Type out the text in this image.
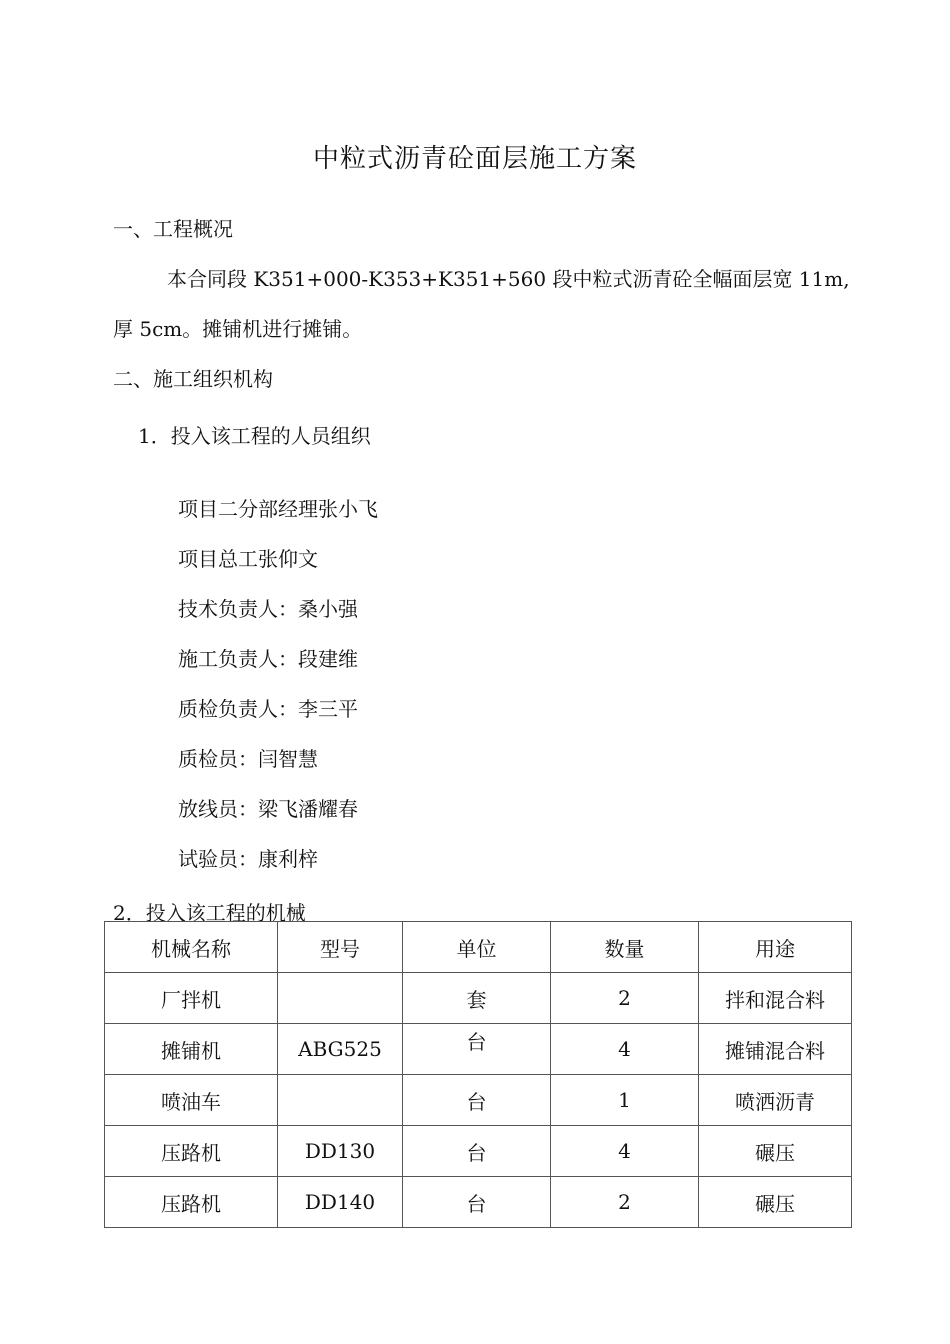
中粒式沥青砼面层施工方案
一、工程概况
本合同段 K351+000-K353+K351+560 段中粒式沥青砼全幅面层宽 11m,
厚 5cm。摊铺机进行摊铺。
二、施工组织机构
1．投入该工程的人员组织
项目二分部经理张小飞
项目总工张仰文
技术负责人：桑小强
施工负责人：段建维
质检负责人：李三平
质检员：闫智慧
放线员：梁飞潘耀春
试验员：康利梓
2．投入该工程的机械
机械名称	型号	单位	数量	用途
厂拌机		套	2	拌和混合料
摊铺机	ABG525	台	4	摊铺混合料
喷油车		台	1	喷洒沥青
压路机	DD130	台	4	碾压
压路机	DD140	台	2	碾压
